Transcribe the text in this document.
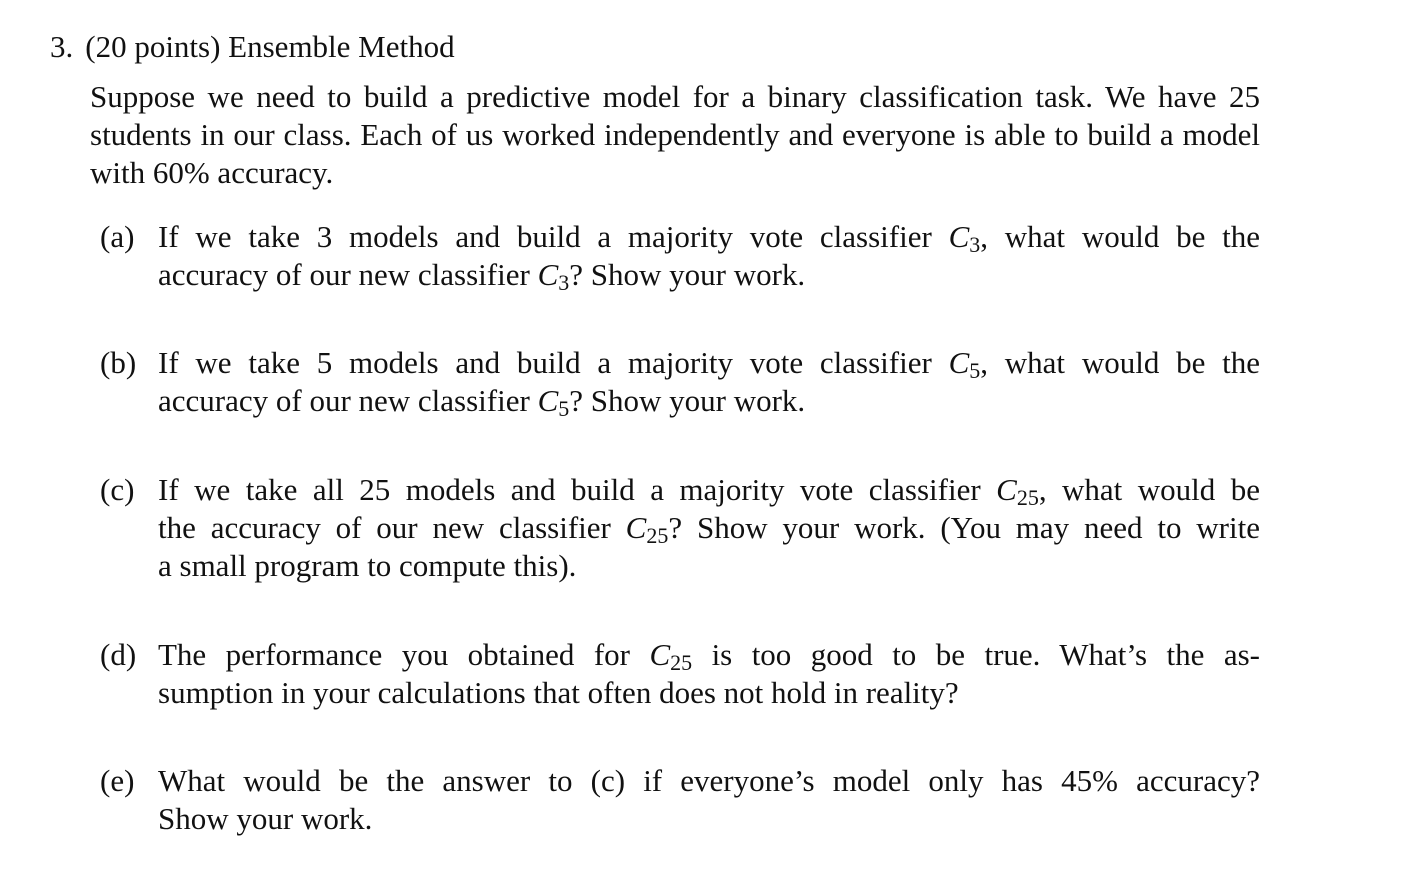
3. (20 points) Ensemble Method
Suppose we need to build a predictive model for a binary classification task. We have 25 students in our class. Each of us worked independently and everyone is able to build a model with 60% accuracy.
(a) If we take 3 models and build a majority vote classifier $C_3$, what would be the
accuracy of our new classifier $C_3$? Show your work.
(b) If we take 5 models and build a majority vote classifier $C_5$, what would be the
accuracy of our new classifier $C_5$? Show your work.
(c) If we take all 25 models and build a majority vote classifier $C_{25}$, what would be
the accuracy of our new classifier $C_{25}$? Show your work. (You may need to write
a small program to compute this).
(d) The performance you obtained for $C_{25}$ is too good to be true. What’s the as-
sumption in your calculations that often does not hold in reality?
(e) What would be the answer to (c) if everyone’s model only has 45% accuracy?
Show your work.
